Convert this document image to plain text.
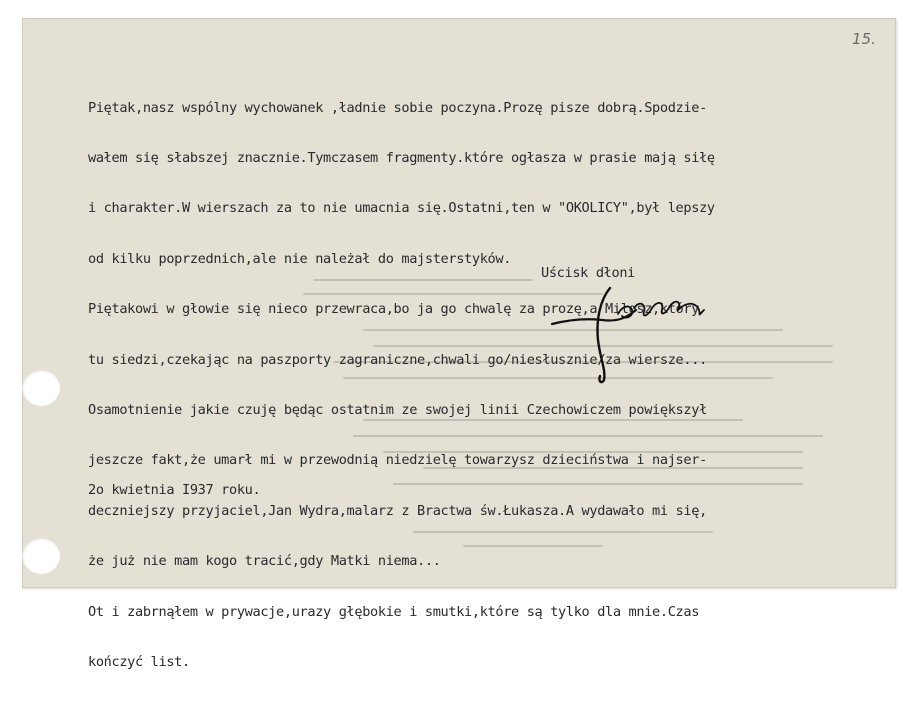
15.

Piętak,nasz wspólny wychowanek ,ładnie sobie poczyna.Prozę pisze dobrą.Spodzie-

wałem się słabszej znacznie.Tymczasem fragmenty.które ogłasza w prasie mają siłę

i charakter.W wierszach za to nie umacnia się.Ostatni,ten w "OKOLICY",był lepszy

od kilku poprzednich,ale nie należał do majsterstyków.

Piętakowi w głowie się nieco przewraca,bo ja go chwalę za prozę,a Miłosz,który

tu siedzi,czekając na paszporty zagraniczne,chwali go/niesłusznie/za wiersze...

Osamotnienie jakie czuję będąc ostatnim ze swojej linii Czechowiczem powiększył

jeszcze fakt,że umarł mi w przewodnią niedzielę towarzysz dzieciństwa i najser-

deczniejszy przyjaciel,Jan Wydra,malarz z Bractwa św.Łukasza.A wydawało mi się,

że już nie mam kogo tracić,gdy Matki niema...

Ot i zabrnąłem w prywacje,urazy głębokie i smutki,które są tylko dla mnie.Czas

kończyć list.

Uścisk dłoni
2o kwietnia I937 roku.
